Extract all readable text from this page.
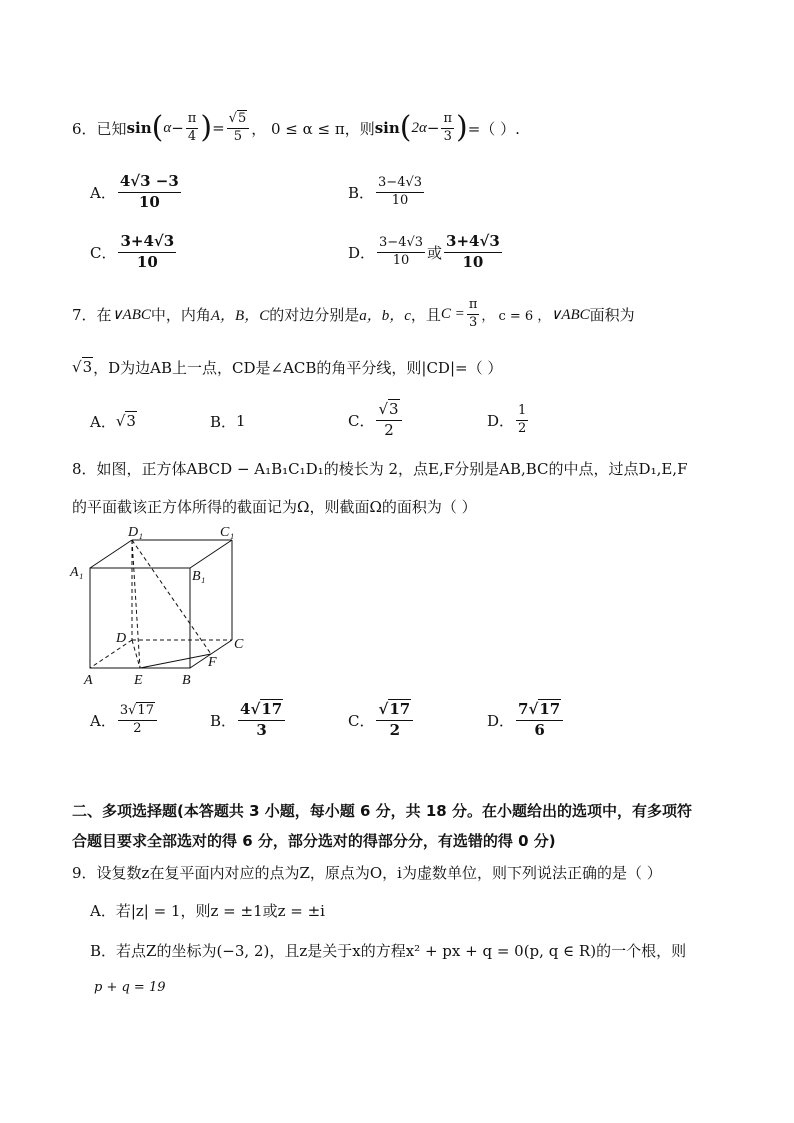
6． 已知 sin ( $\alpha - \frac{\pi}{4}$ ) = $\frac{√5}{5}$ ， 0 ≤ α ≤ π，则 sin ( $2\alpha - \frac{\pi}{3}$ ) =（ ）.
A． $\frac{4√3 -3}{10}$	B． $\frac{3-4√3}{10}$
C． $\frac{3+4√3}{10}$	D． $\frac{3-4√3}{10}$ 或 $\frac{3+4√3}{10}$
7．在 ∨ABC 中，内角 A，B，C 的对边分别是 a，b，c ，且 $C = \frac{\pi}{3}$ ， c = 6 ， ∨ABC 面积为
√3 ，D为边AB上一点，CD是∠ACB的角平分线，则|CD|=（ ）
A． √3	B． 1	C． $\frac{√3}{2}$	D． $\frac{1}{2}$
8．如图，正方体ABCD − A₁B₁C₁D₁的棱长为 2，点E,F分别是AB,BC的中点，过点D₁,E,F
的平面截该正方体所得的截面记为Ω，则截面Ω的面积为（ ）
D₁	C₁
A₁	B₁
D	C
F
A	E	B
A． $\frac{3√17}{2}$	B． $\frac{4√17}{3}$	C． $\frac{√17}{2}$	D． $\frac{7√17}{6}$
二、多项选择题(本答题共 3 小题，每小题 6 分，共 18 分。在小题给出的选项中，有多项符
合题目要求全部选对的得 6 分，部分选对的得部分分，有选错的得 0 分)
9．设复数z在复平面内对应的点为Z，原点为O，i为虚数单位，则下列说法正确的是（ ）
A．若|z| = 1，则z = ±1或z = ±i
B．若点Z的坐标为(−3, 2)，且z是关于x的方程x² + px + q = 0(p, q ∈ R)的一个根，则
p + q = 19
